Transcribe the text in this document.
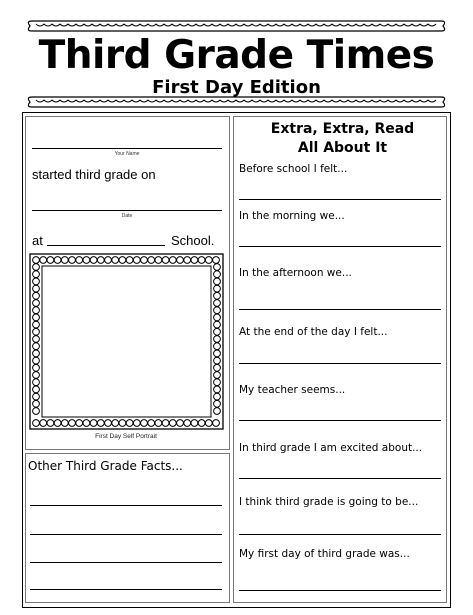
Third Grade Times
First Day Edition
Your Name
started third grade on
Date
at	School.
First Day Self Portrait
Other Third Grade Facts...
Extra, Extra, Read
All About It
Before school I felt...
In the morning we...
In the afternoon we...
At the end of the day I felt...
My teacher seems...
In third grade I am excited about...
I think third grade is going to be...
My first day of third grade was...
